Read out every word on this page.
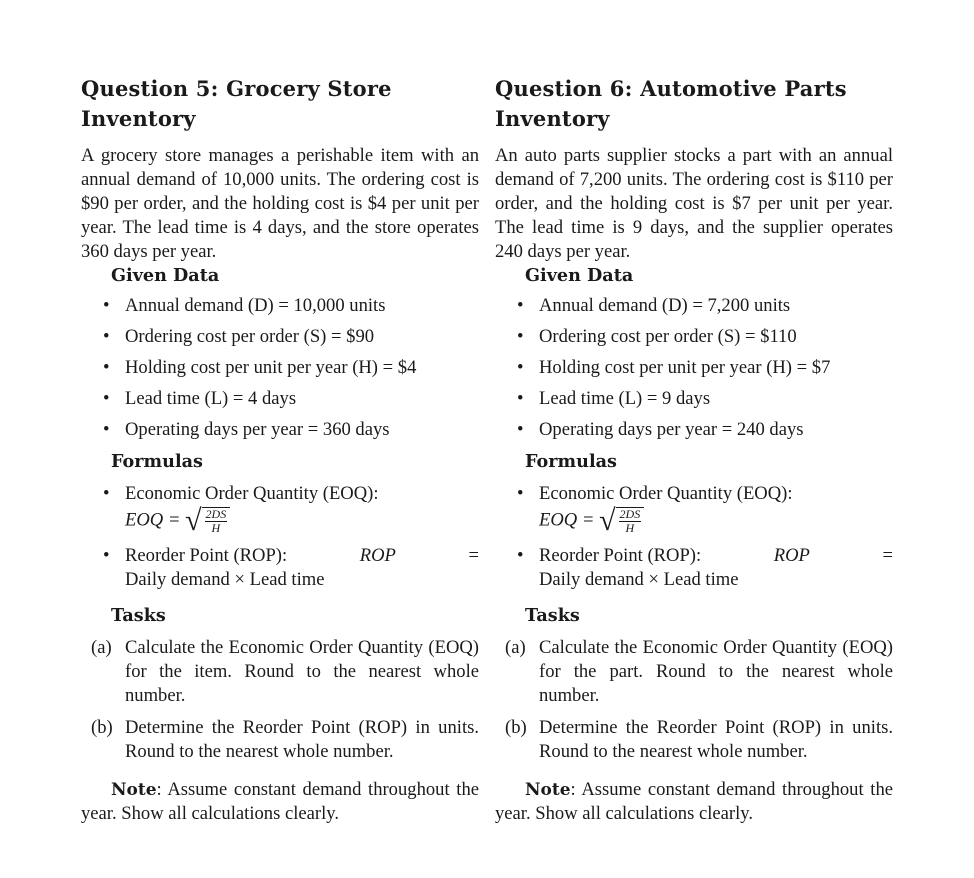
Question 5: Grocery Store Inventory

A grocery store manages a perishable item with an annual demand of 10,000 units. The ordering cost is $90 per order, and the holding cost is $4 per unit per year. The lead time is 4 days, and the store operates 360 days per year.

Given Data
• Annual demand (D) = 10,000 units
• Ordering cost per order (S) = $90
• Holding cost per unit per year (H) = $4
• Lead time (L) = 4 days
• Operating days per year = 360 days
Formulas
• Economic Order Quantity (EOQ):
EOQ = √ $\frac{2DS}{H}$
• Reorder Point (ROP):	ROP	=
Daily demand × Lead time
Tasks
(a) Calculate the Economic Order Quantity (EOQ) for the item. Round to the nearest whole number.
(b) Determine the Reorder Point (ROP) in units. Round to the nearest whole number.

Note: Assume constant demand throughout the year. Show all calculations clearly.

Question 6: Automotive Parts Inventory

An auto parts supplier stocks a part with an annual demand of 7,200 units. The ordering cost is $110 per order, and the holding cost is $7 per unit per year. The lead time is 9 days, and the supplier operates 240 days per year.

Given Data
• Annual demand (D) = 7,200 units
• Ordering cost per order (S) = $110
• Holding cost per unit per year (H) = $7
• Lead time (L) = 9 days
• Operating days per year = 240 days
Formulas
• Economic Order Quantity (EOQ):
EOQ = √ $\frac{2DS}{H}$
• Reorder Point (ROP):	ROP	=
Daily demand × Lead time
Tasks
(a) Calculate the Economic Order Quantity (EOQ) for the part. Round to the nearest whole number.
(b) Determine the Reorder Point (ROP) in units. Round to the nearest whole number.

Note: Assume constant demand throughout the year. Show all calculations clearly.
